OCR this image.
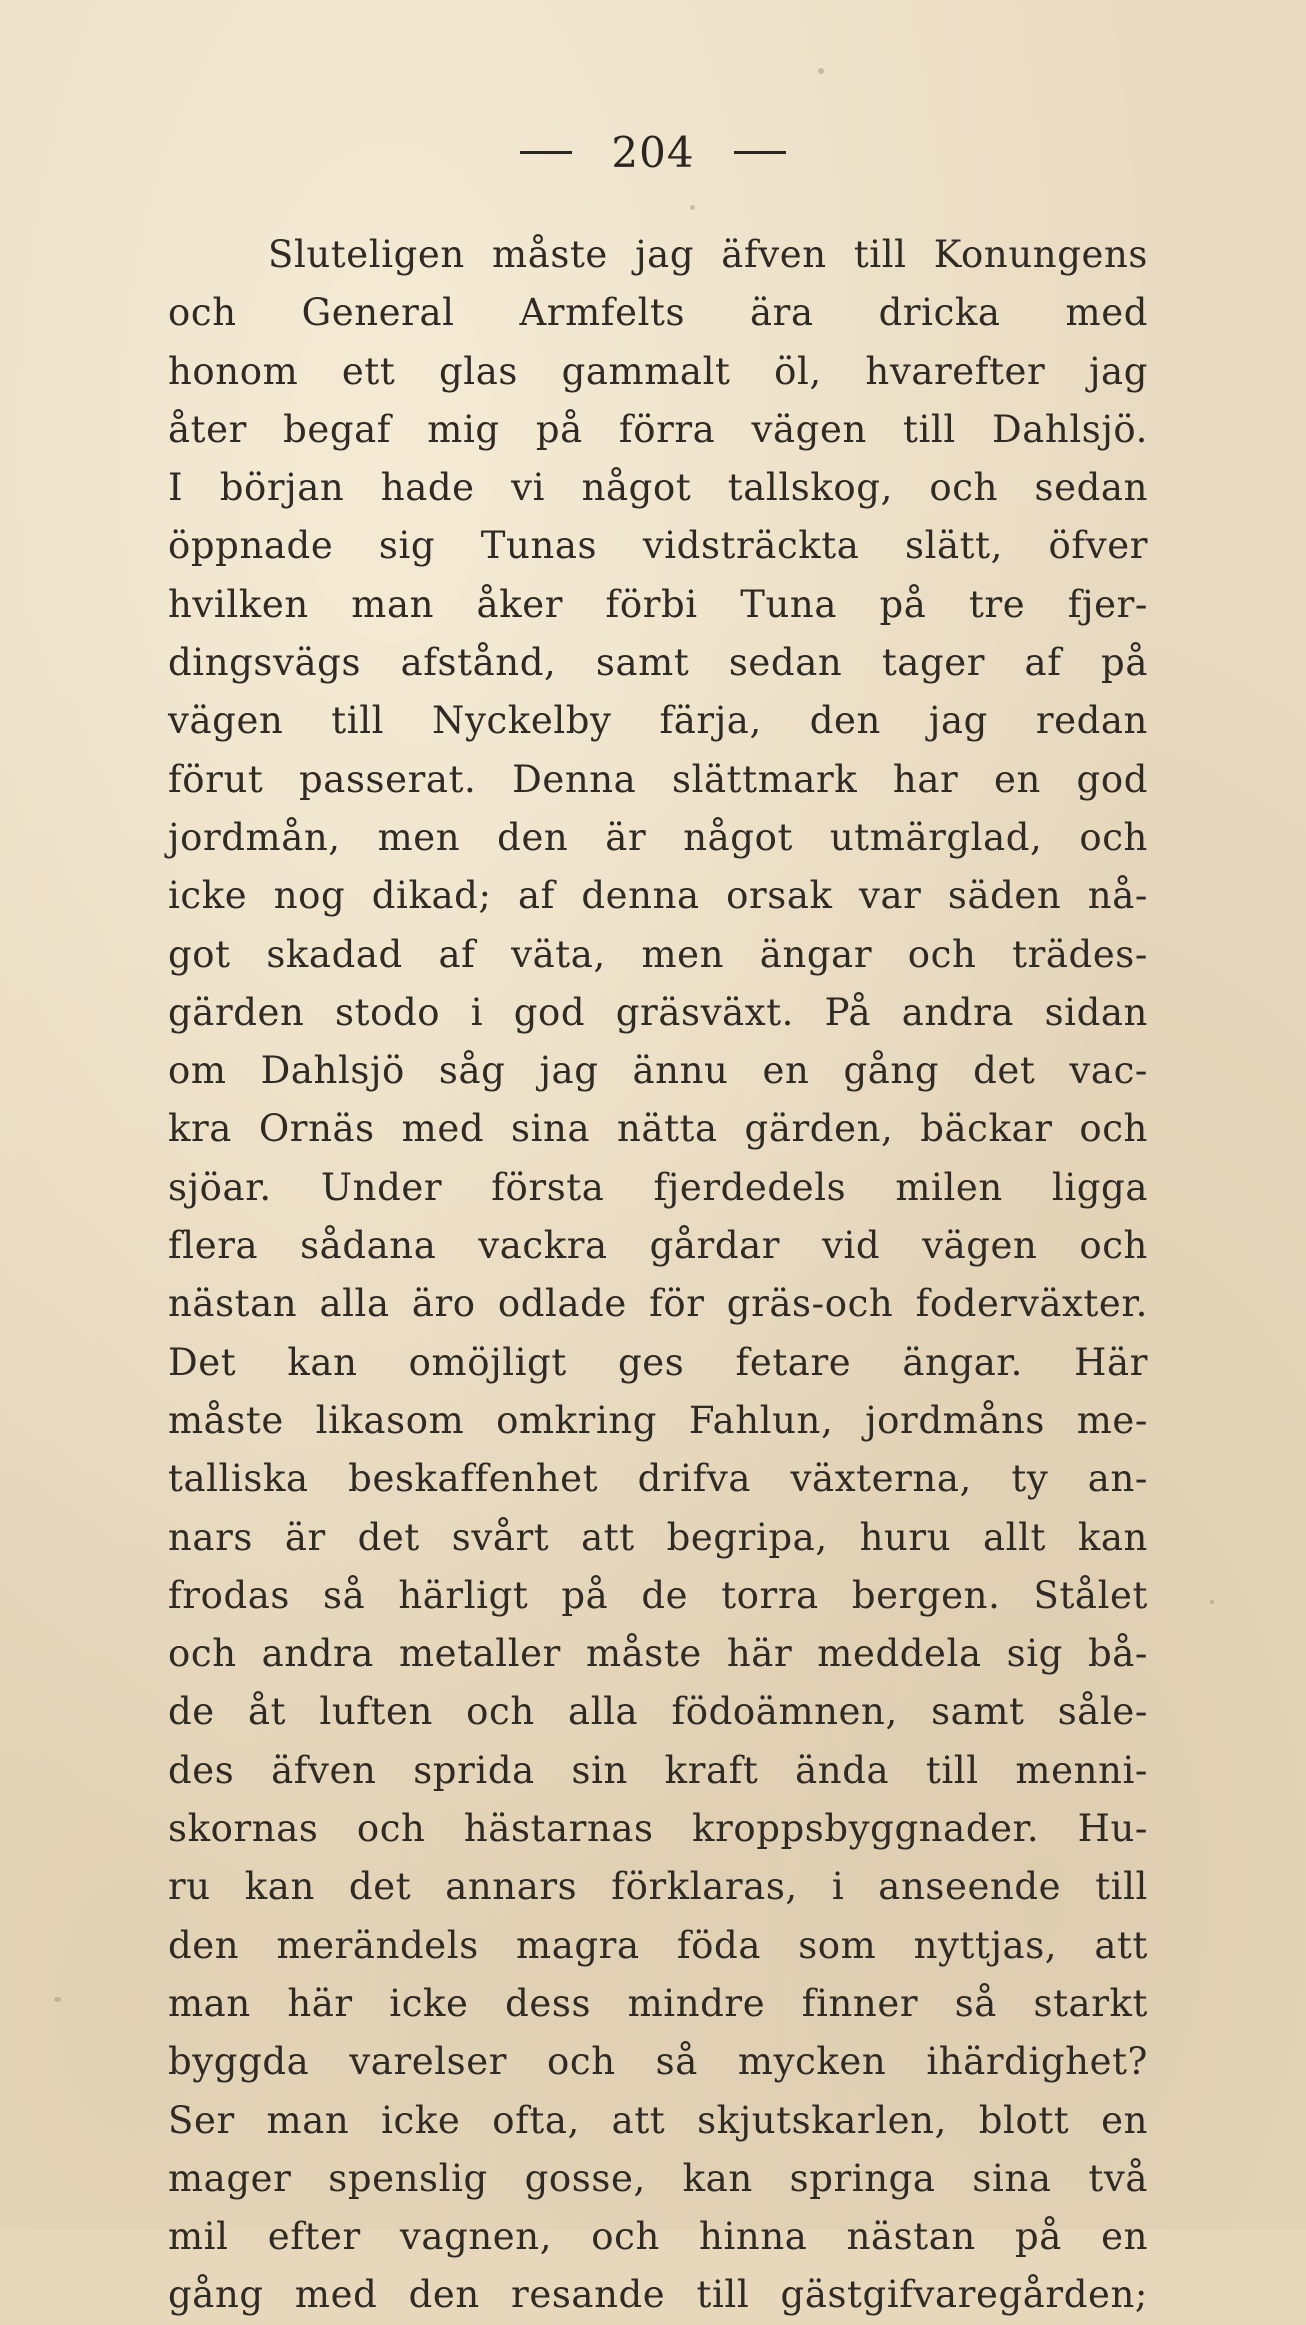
204
Sluteligen måste jag äfven till Konungens
och General Armfelts ära dricka med
honom ett glas gammalt öl, hvarefter jag
åter begaf mig på förra vägen till Dahlsjö.
I början hade vi något tallskog, och sedan
öppnade sig Tunas vidsträckta slätt, öfver
hvilken man åker förbi Tuna på tre fjer-
dingsvägs afstånd, samt sedan tager af på
vägen till Nyckelby färja, den jag redan
förut passerat. Denna slättmark har en god
jordmån, men den är något utmärglad, och
icke nog dikad; af denna orsak var säden nå-
got skadad af väta, men ängar och trädes-
gärden stodo i god gräsväxt. På andra sidan
om Dahlsjö såg jag ännu en gång det vac-
kra Ornäs med sina nätta gärden, bäckar och
sjöar. Under första fjerdedels milen ligga
flera sådana vackra gårdar vid vägen och
nästan alla äro odlade för gräs-och foderväxter.
Det kan omöjligt ges fetare ängar. Här
måste likasom omkring Fahlun, jordmåns me-
talliska beskaffenhet drifva växterna, ty an-
nars är det svårt att begripa, huru allt kan
frodas så härligt på de torra bergen. Stålet
och andra metaller måste här meddela sig bå-
de åt luften och alla födoämnen, samt såle-
des äfven sprida sin kraft ända till menni-
skornas och hästarnas kroppsbyggnader. Hu-
ru kan det annars förklaras, i anseende till
den merändels magra föda som nyttjas, att
man här icke dess mindre finner så starkt
byggda varelser och så mycken ihärdighet?
Ser man icke ofta, att skjutskarlen, blott en
mager spenslig gosse, kan springa sina två
mil efter vagnen, och hinna nästan på en
gång med den resande till gästgifvaregården;
